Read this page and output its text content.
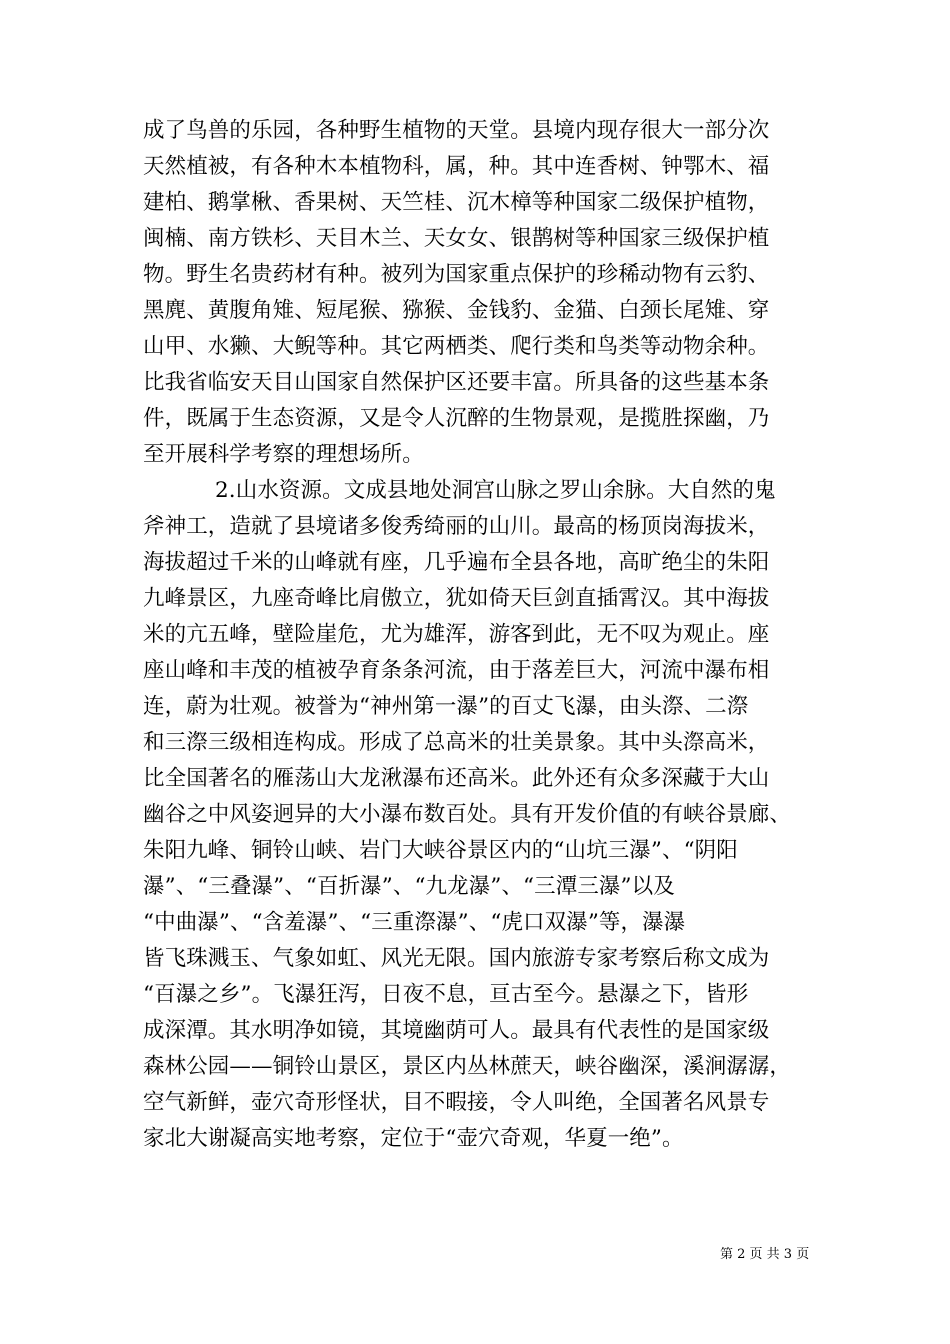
成了鸟兽的乐园，各种野生植物的天堂。县境内现存很大一部分次
天然植被，有各种木本植物科，属，种。其中连香树、钟鄂木、福
建柏、鹅掌楸、香果树、天竺桂、沉木樟等种国家二级保护植物，
闽楠、南方铁杉、天目木兰、天女女、银鹊树等种国家三级保护植
物。野生名贵药材有种。被列为国家重点保护的珍稀动物有云豹、
黑麂、黄腹角雉、短尾猴、猕猴、金钱豹、金猫、白颈长尾雉、穿
山甲、水獭、大鲵等种。其它两栖类、爬行类和鸟类等动物余种。
比我省临安天目山国家自然保护区还要丰富。所具备的这些基本条
件，既属于生态资源，又是令人沉醉的生物景观，是揽胜探幽，乃
至开展科学考察的理想场所。
2.山水资源。文成县地处洞宫山脉之罗山余脉。大自然的鬼
斧神工，造就了县境诸多俊秀绮丽的山川。最高的杨顶岗海拔米，
海拔超过千米的山峰就有座，几乎遍布全县各地，高旷绝尘的朱阳
九峰景区，九座奇峰比肩傲立，犹如倚天巨剑直插霄汉。其中海拔
米的亢五峰，壁险崖危，尤为雄浑，游客到此，无不叹为观止。座
座山峰和丰茂的植被孕育条条河流，由于落差巨大，河流中瀑布相
连，蔚为壮观。被誉为“神州第一瀑”的百丈飞瀑，由头漈、二漈
和三漈三级相连构成。形成了总高米的壮美景象。其中头漈高米，
比全国著名的雁荡山大龙湫瀑布还高米。此外还有众多深藏于大山
幽谷之中风姿迥异的大小瀑布数百处。具有开发价值的有峡谷景廊、
朱阳九峰、铜铃山峡、岩门大峡谷景区内的“山坑三瀑”、“阴阳
瀑”、“三叠瀑”、“百折瀑”、“九龙瀑”、“三潭三瀑”以及
“中曲瀑”、“含羞瀑”、“三重漈瀑”、“虎口双瀑”等，瀑瀑
皆飞珠溅玉、气象如虹、风光无限。国内旅游专家考察后称文成为
“百瀑之乡”。飞瀑狂泻，日夜不息，亘古至今。悬瀑之下，皆形
成深潭。其水明净如镜，其境幽荫可人。最具有代表性的是国家级
森林公园——铜铃山景区，景区内丛林蔗天，峡谷幽深，溪涧潺潺，
空气新鲜，壶穴奇形怪状，目不暇接，令人叫绝，全国著名风景专
家北大谢凝高实地考察，定位于“壶穴奇观，华夏一绝”。
第 2 页 共 3 页
